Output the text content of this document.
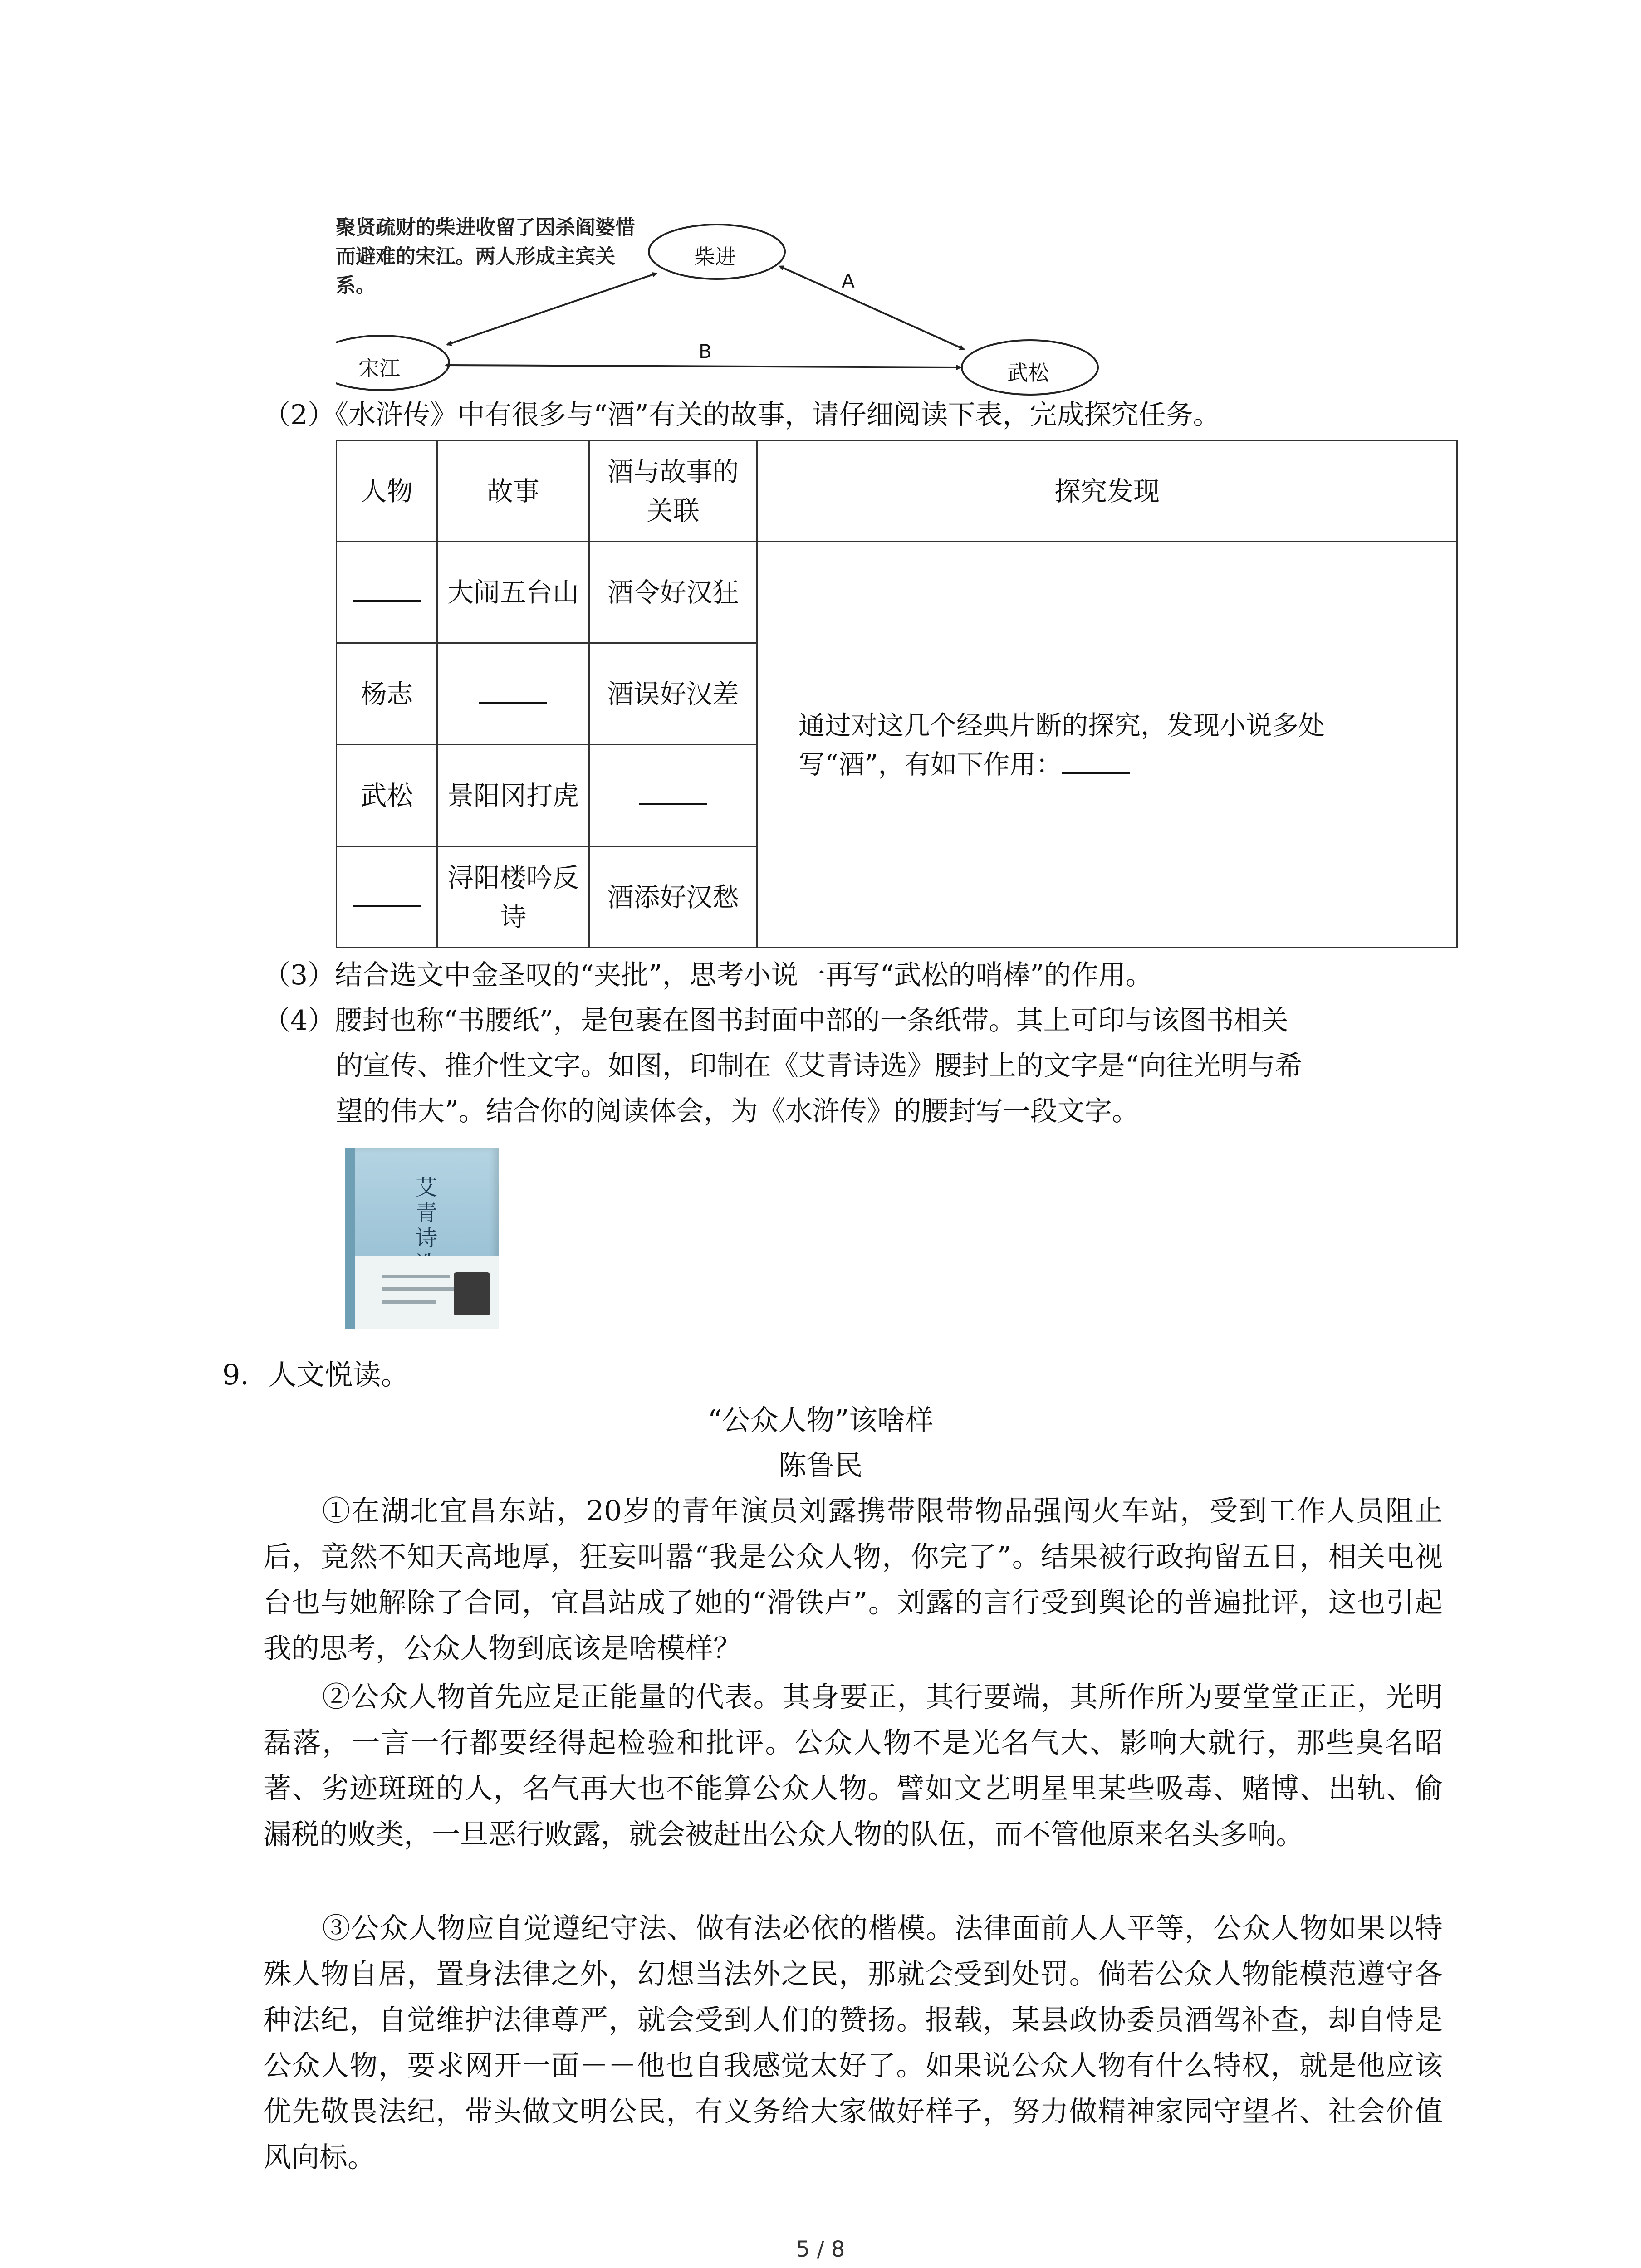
聚贤疏财的柴进收留了因杀阎婆惜而避难的宋江。两人形成主宾关系。
柴进
宋江	武松
A
B
（2）《水浒传》中有很多与“酒”有关的故事，请仔细阅读下表，完成探究任务。
人物	故事	酒与故事的关联	探究发现
	大闹五台山	酒令好汉狂	通过对这几个经典片断的探究，发现小说多处写“酒”，有如下作用：
杨志		酒误好汉差	
武松	景阳冈打虎		
	浔阳楼吟反诗	酒添好汉愁	
（3）结合选文中金圣叹的“夹批”，思考小说一再写“武松的哨棒”的作用。
（4）腰封也称“书腰纸”，是包裹在图书封面中部的一条纸带。其上可印与该图书相关
的宣传、推介性文字。如图，印制在《艾青诗选》腰封上的文字是“向往光明与希
望的伟大”。结合你的阅读体会，为《水浒传》的腰封写一段文字。
艾青诗
9．人文悦读。
“公众人物”该啥样
陈鲁民
①在湖北宜昌东站，20岁的青年演员刘露携带限带物品强闯火车站，受到工作人员阻止后，竟然不知天高地厚，狂妄叫嚣“我是公众人物，你完了”。结果被行政拘留五日，相关电视台也与她解除了合同，宜昌站成了她的“滑铁卢”。刘露的言行受到舆论的普遍批评，这也引起我的思考，公众人物到底该是啥模样？
②公众人物首先应是正能量的代表。其身要正，其行要端，其所作所为要堂堂正正，光明磊落，一言一行都要经得起检验和批评。公众人物不是光名气大、影响大就行，那些臭名昭著、劣迹斑斑的人，名气再大也不能算公众人物。譬如文艺明星里某些吸毒、赌博、出轨、偷漏税的败类，一旦恶行败露，就会被赶出公众人物的队伍，而不管他原来名头多响。
③公众人物应自觉遵纪守法、做有法必依的楷模。法律面前人人平等，公众人物如果以特殊人物自居，置身法律之外，幻想当法外之民，那就会受到处罚。倘若公众人物能模范遵守各种法纪，自觉维护法律尊严，就会受到人们的赞扬。报载，某县政协委员酒驾补查，却自恃是公众人物，要求网开一面－－他也自我感觉太好了。如果说公众人物有什么特权，就是他应该优先敬畏法纪，带头做文明公民，有义务给大家做好样子，努力做精神家园守望者、社会价值风向标。
5 / 8
